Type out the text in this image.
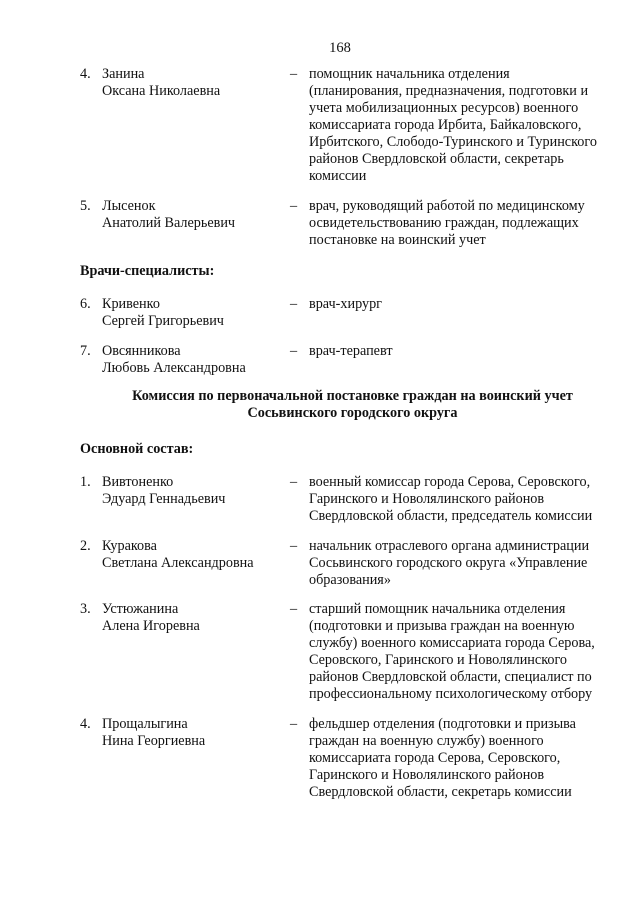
168
4. Занина
Оксана Николаевна
– помощник начальника отделения
(планирования, предназначения, подготовки и
учета мобилизационных ресурсов) военного
комиссариата города Ирбита, Байкаловского,
Ирбитского, Слободо-Туринского и Туринского
районов Свердловской области, секретарь
комиссии
5. Лысенок
Анатолий Валерьевич
– врач, руководящий работой по медицинскому
освидетельствованию граждан, подлежащих
постановке на воинский учет
Врачи-специалисты:
6. Кривенко
Сергей Григорьевич
– врач-хирург
7. Овсянникова
Любовь Александровна
– врач-терапевт
Комиссия по первоначальной постановке граждан на воинский учет
Сосьвинского городского округа
Основной состав:
1. Вивтоненко
Эдуард Геннадьевич
– военный комиссар города Серова, Серовского,
Гаринского и Новолялинского районов
Свердловской области, председатель комиссии
2. Куракова
Светлана Александровна
– начальник отраслевого органа администрации
Сосьвинского городского округа «Управление
образования»
3. Устюжанина
Алена Игоревна
– старший помощник начальника отделения
(подготовки и призыва граждан на военную
службу) военного комиссариата города Серова,
Серовского, Гаринского и Новолялинского
районов Свердловской области, специалист по
профессиональному психологическому отбору
4. Прощалыгина
Нина Георгиевна
– фельдшер отделения (подготовки и призыва
граждан на военную службу) военного
комиссариата города Серова, Серовского,
Гаринского и Новолялинского районов
Свердловской области, секретарь комиссии
